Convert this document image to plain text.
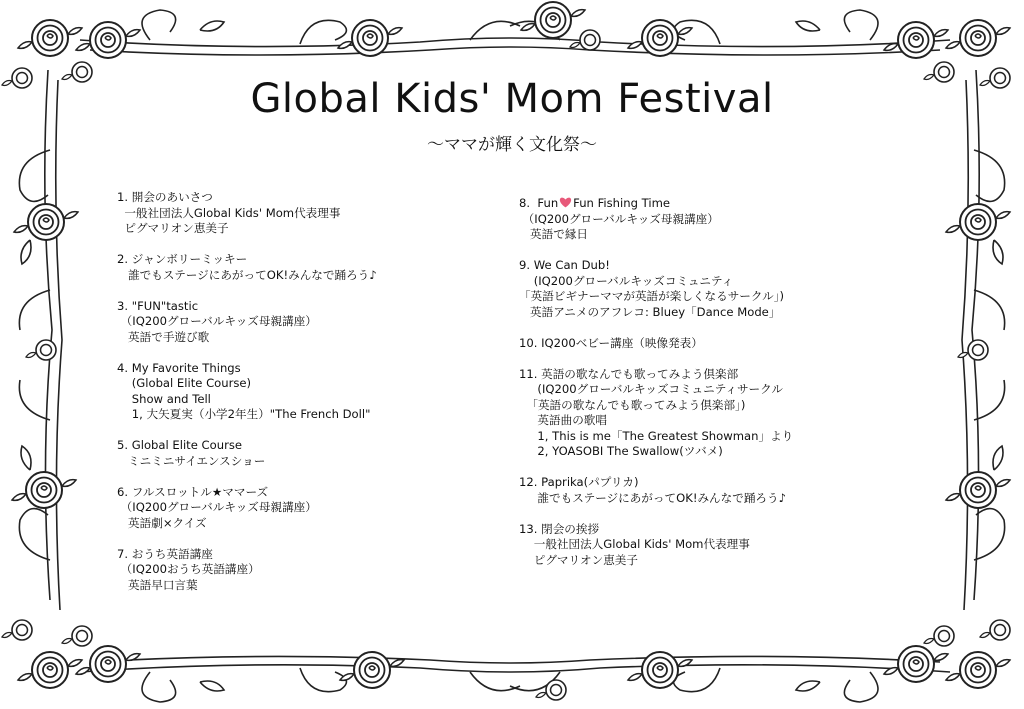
Global Kids' Mom Festival
～ママが輝く文化祭～
1. 開会のあいさつ
一般社団法人Global Kids' Mom代表理事
ピグマリオン恵美子
2. ジャンボリーミッキー
誰でもステージにあがってOK!みんなで踊ろう♪
3. "FUN"tastic
（IQ200グローバルキッズ母親講座）
英語で手遊び歌
4. My Favorite Things
(Global Elite Course)
Show and Tell
1, 大矢夏実（小学2年生）"The French Doll"
5. Global Elite Course
ミニミニサイエンスショー
6. フルスロットル★ママーズ
（IQ200グローバルキッズ母親講座）
英語劇×クイズ
7. おうち英語講座
（IQ200おうち英語講座）
英語早口言葉
8.  Fun Fun Fishing Time
（IQ200グローバルキッズ母親講座）
英語で縁日
9. We Can Dub!
(IQ200グローバルキッズコミュニティ
「英語ビギナーママが英語が楽しくなるサークル」)
英語アニメのアフレコ: Bluey「Dance Mode」
10. IQ200ベビー講座（映像発表）
11. 英語の歌なんでも歌ってみよう倶楽部
(IQ200グローバルキッズコミュニティサークル
「英語の歌なんでも歌ってみよう倶楽部」)
英語曲の歌唱
1, This is me「The Greatest Showman」より
2, YOASOBI The Swallow(ツバメ)
12. Paprika(パプリカ)
誰でもステージにあがってOK!みんなで踊ろう♪
13. 閉会の挨拶
一般社団法人Global Kids' Mom代表理事
ピグマリオン恵美子
